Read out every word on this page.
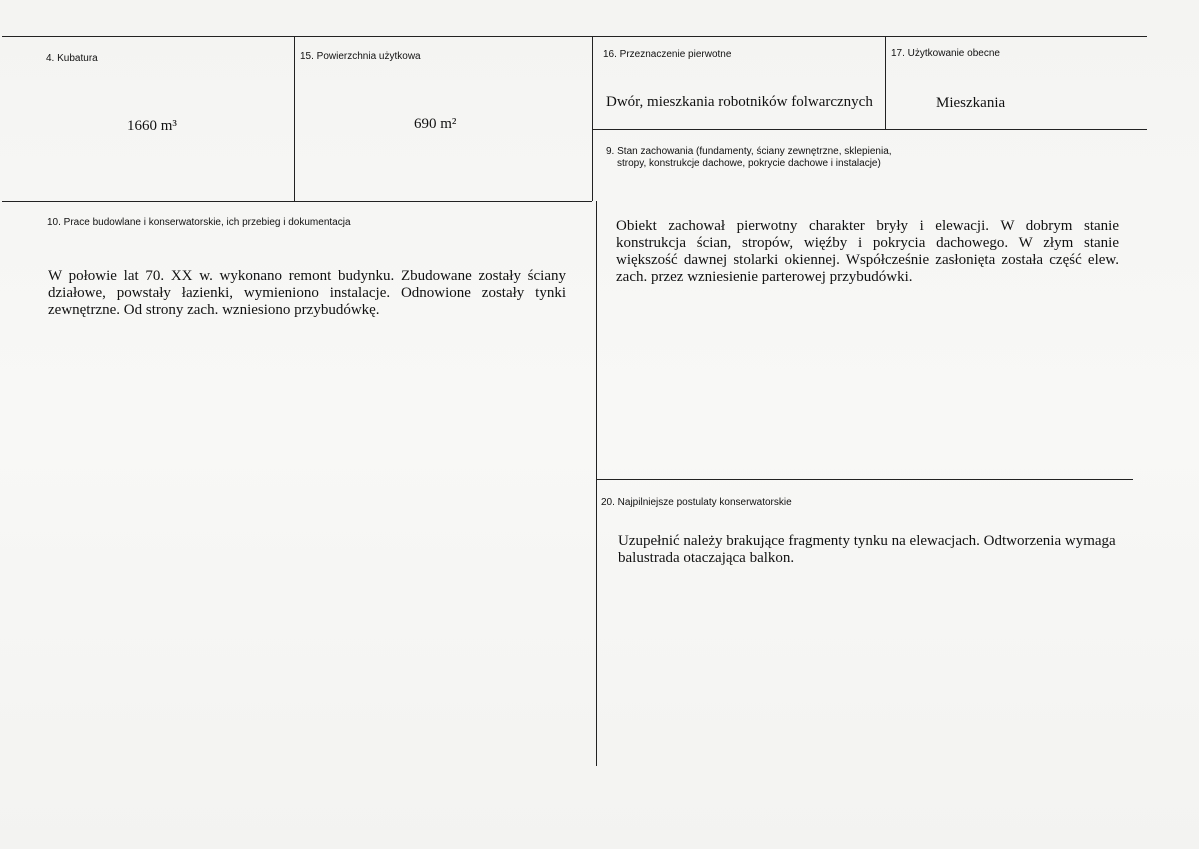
4. Kubatura
1660 m³
15. Powierzchnia użytkowa
690 m²
16. Przeznaczenie pierwotne
Dwór, mieszkania robotników folwarcznych
17. Użytkowanie obecne
Mieszkania
9. Stan zachowania (fundamenty, ściany zewnętrzne, sklepienia,
stropy, konstrukcje dachowe, pokrycie dachowe i instalacje)
Obiekt zachował pierwotny charakter bryły i elewacji. W dobrym stanie konstrukcja ścian, stropów, więźby i pokrycia dachowego. W złym stanie większość dawnej stolarki okiennej. Współcześnie zasłonięta została część elew. zach. przez wzniesienie parterowej przybudówki.
10. Prace budowlane i konserwatorskie, ich przebieg i dokumentacja
W połowie lat 70. XX w. wykonano remont budynku. Zbudowane zostały ściany działowe, powstały łazienki, wymieniono instalacje. Odnowione zostały tynki zewnętrzne. Od strony zach. wzniesiono przybudówkę.
20. Najpilniejsze postulaty konserwatorskie
Uzupełnić należy brakujące fragmenty tynku na elewacjach. Odtworzenia wymaga balustrada otaczająca balkon.
